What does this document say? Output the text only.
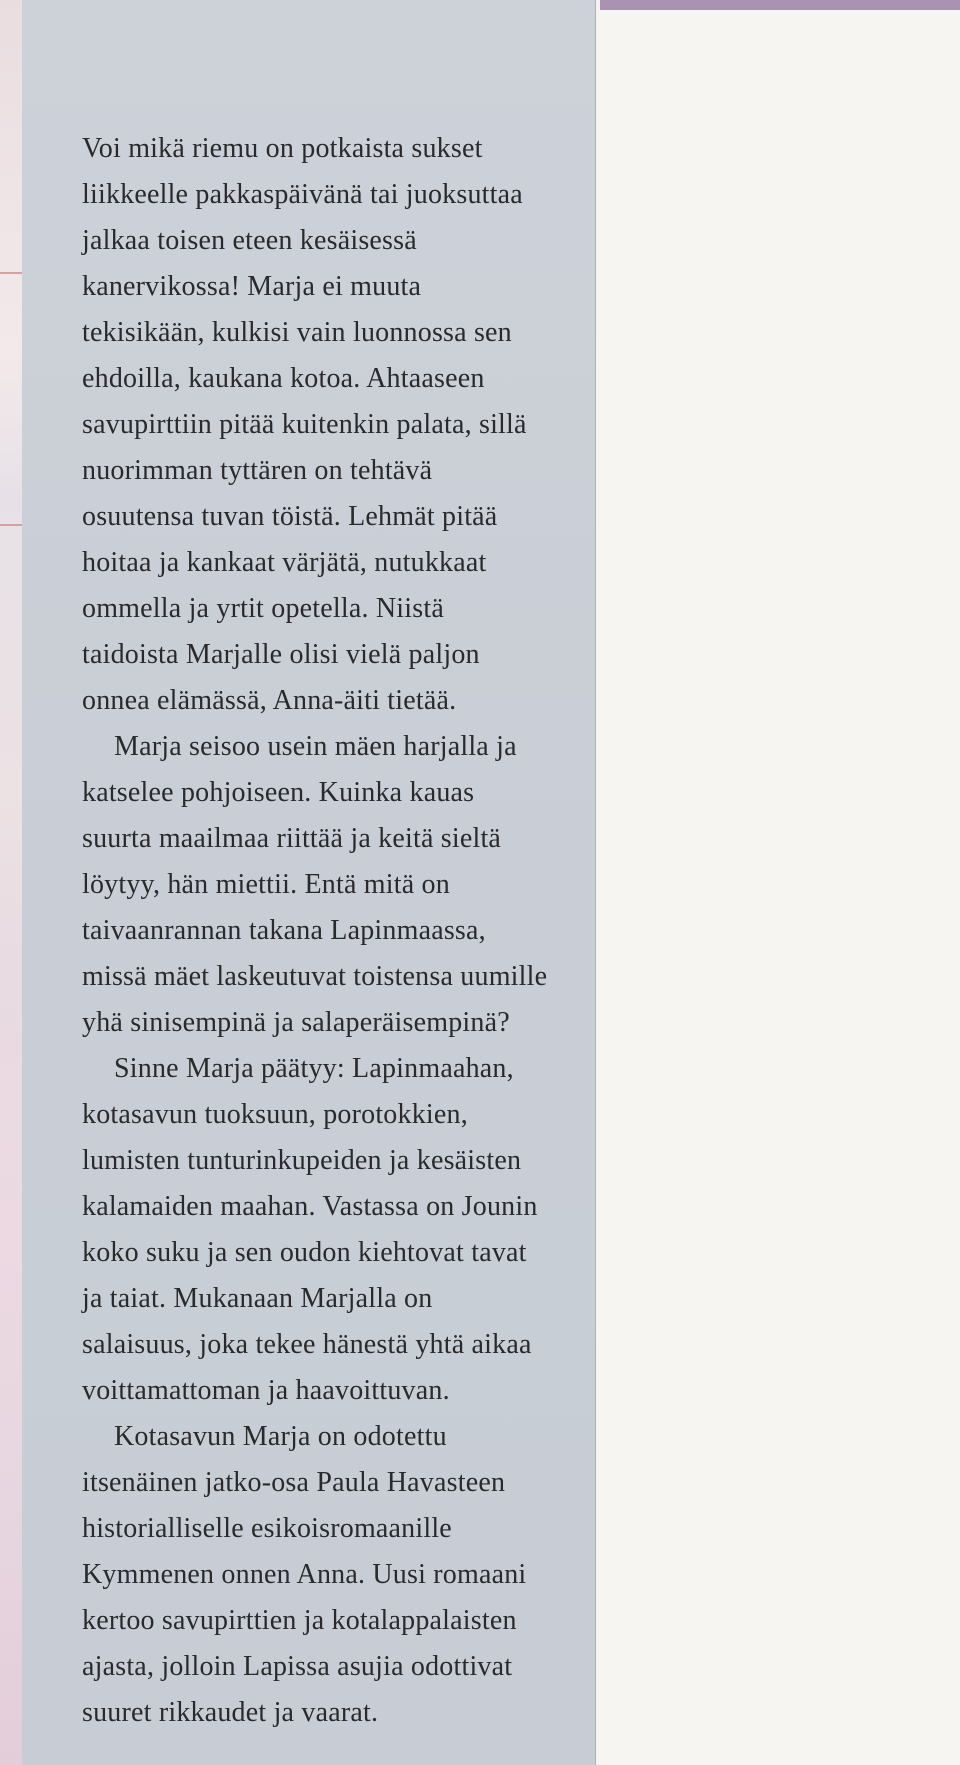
Voi mikä riemu on potkaista sukset
liikkeelle pakkaspäivänä tai juoksuttaa
jalkaa toisen eteen kesäisessä
kanervikossa! Marja ei muuta
tekisikään, kulkisi vain luonnossa sen
ehdoilla, kaukana kotoa. Ahtaaseen
savupirttiin pitää kuitenkin palata, sillä
nuorimman tyttären on tehtävä
osuutensa tuvan töistä. Lehmät pitää
hoitaa ja kankaat värjätä, nutukkaat
ommella ja yrtit opetella. Niistä
taidoista Marjalle olisi vielä paljon
onnea elämässä, Anna-äiti tietää.
Marja seisoo usein mäen harjalla ja
katselee pohjoiseen. Kuinka kauas
suurta maailmaa riittää ja keitä sieltä
löytyy, hän miettii. Entä mitä on
taivaanrannan takana Lapinmaassa,
missä mäet laskeutuvat toistensa uumille
yhä sinisempinä ja salaperäisempinä?
Sinne Marja päätyy: Lapinmaahan,
kotasavun tuoksuun, porotokkien,
lumisten tunturinkupeiden ja kesäisten
kalamaiden maahan. Vastassa on Jounin
koko suku ja sen oudon kiehtovat tavat
ja taiat. Mukanaan Marjalla on
salaisuus, joka tekee hänestä yhtä aikaa
voittamattoman ja haavoittuvan.
Kotasavun Marja on odotettu
itsenäinen jatko-osa Paula Havasteen
historialliselle esikoisromaanille
Kymmenen onnen Anna. Uusi romaani
kertoo savupirttien ja kotalappalaisten
ajasta, jolloin Lapissa asujia odottivat
suuret rikkaudet ja vaarat.
